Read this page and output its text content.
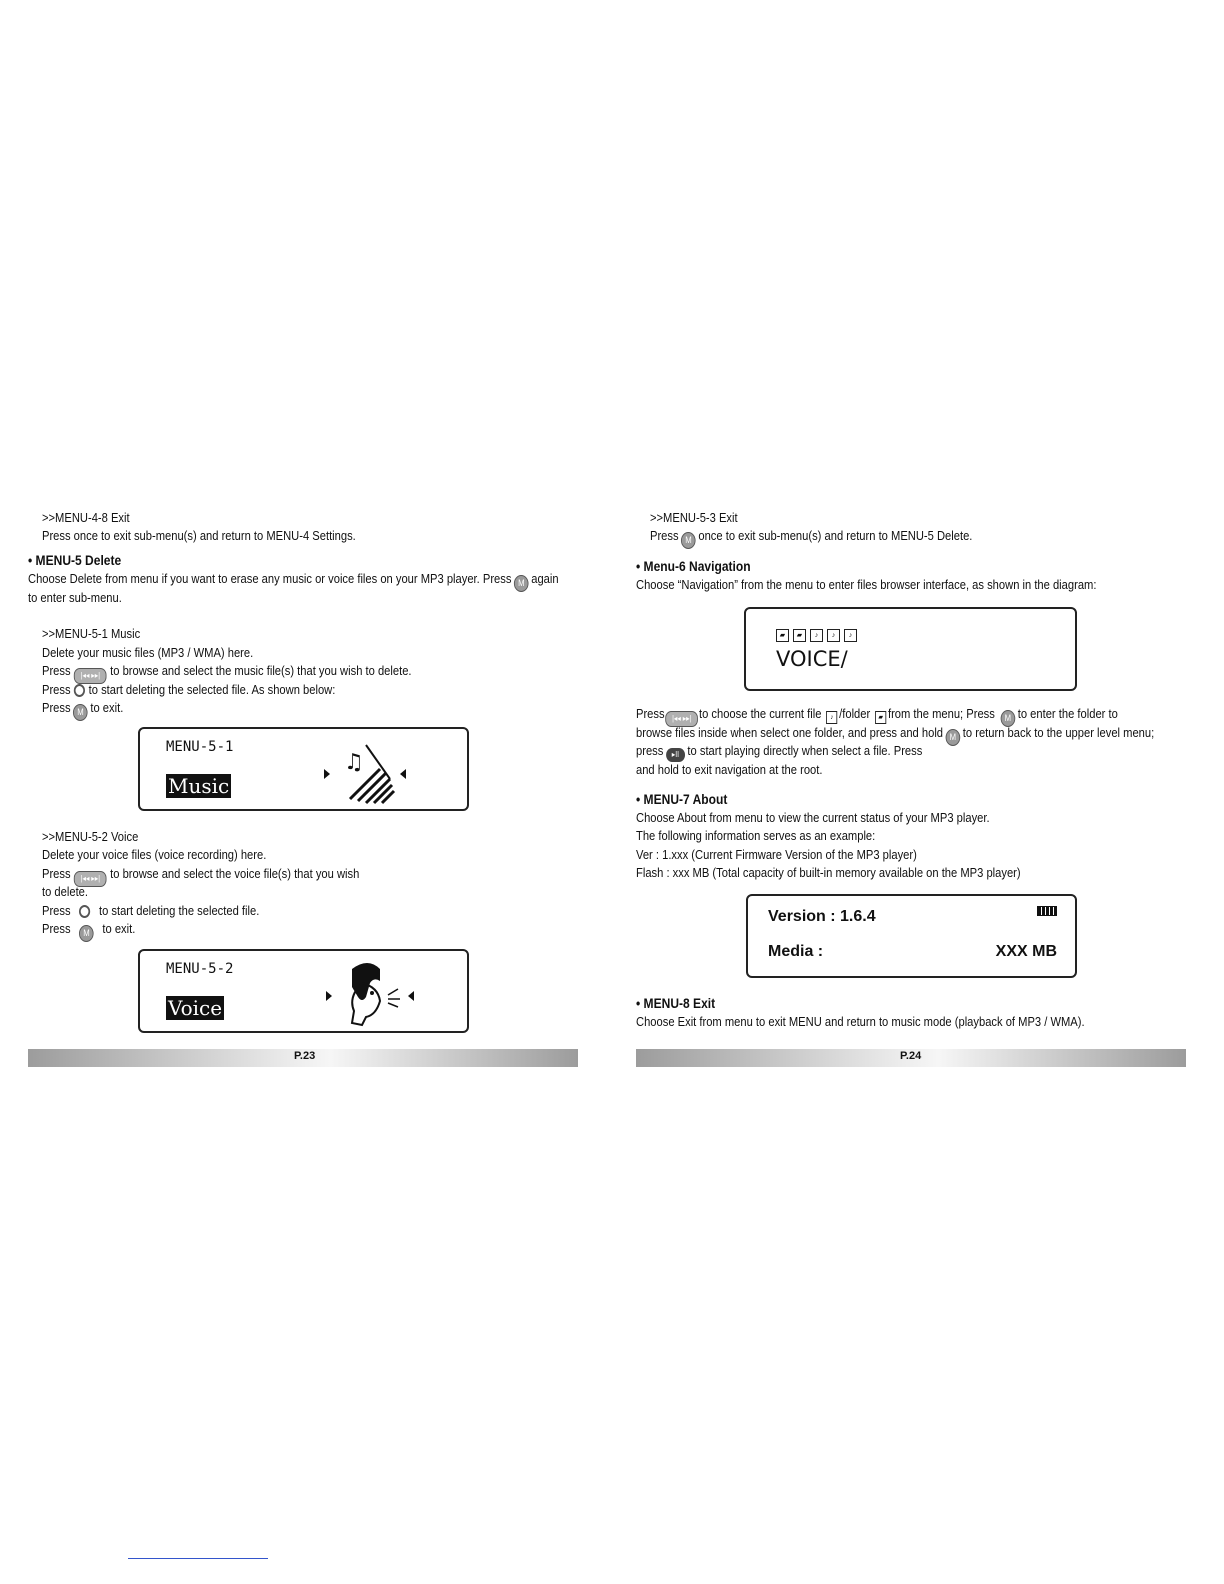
>>MENU-4-8 Exit
Press once to exit sub-menu(s) and return to MENU-4 Settings.
• MENU-5 Delete
Choose Delete from menu if you want to erase any music or voice files on your MP3 player. Press M again
to enter sub-menu.
>>MENU-5-1 Music
Delete your music files (MP3 / WMA) here.
Press |◂◂ ▸▸| to browse and select the music file(s) that you wish to delete.
Press to start deleting the selected file. As shown below:
Press M to exit.
MENU-5-1
Music
♫
>>MENU-5-2 Voice
Delete your voice files (voice recording) here.
Press |◂◂ ▸▸| to browse and select the voice file(s) that you wish
to delete.
Press to start deleting the selected file.
Press M to exit.
MENU-5-2
Voice
P.23
>>MENU-5-3 Exit
Press M once to exit sub-menu(s) and return to MENU-5 Delete.
• Menu-6 Navigation
Choose “Navigation” from the menu to enter files browser interface, as shown in the diagram:
▰ ▰ ♪ ♪ ♪
VOICE/
Press |◂◂ ▸▸| to choose the current file ♪ /folder ▰ from the menu; Press M to enter the folder to
browse files inside when select one folder, and press and hold M to return back to the upper level menu;
press ▸II to start playing directly when select a file. Press
and hold to exit navigation at the root.
• MENU-7 About
Choose About from menu to view the current status of your MP3 player.
The following information serves as an example:
Ver : 1.xxx (Current Firmware Version of the MP3 player)
Flash : xxx MB (Total capacity of built-in memory available on the MP3 player)
Version : 1.6.4
Media :	XXX MB
• MENU-8 Exit
Choose Exit from menu to exit MENU and return to music mode (playback of MP3 / WMA).
P.24
